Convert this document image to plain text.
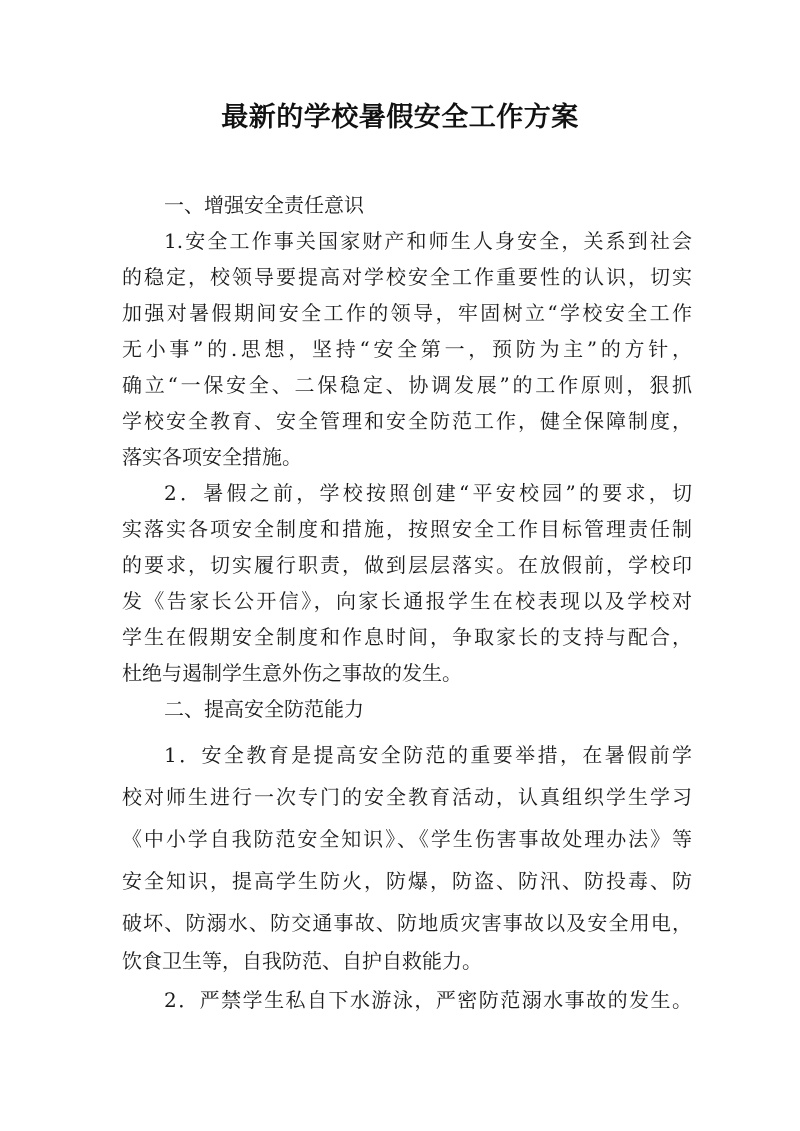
最新的学校暑假安全工作方案
一、增强安全责任意识
1.安全工作事关国家财产和师生人身安全，关系到社会
的稳定，校领导要提高对学校安全工作重要性的认识，切实
加强对暑假期间安全工作的领导，牢固树立“学校安全工作
无小事”的.思想，坚持“安全第一，预防为主”的方针，
确立“一保安全、二保稳定、协调发展”的工作原则，狠抓
学校安全教育、安全管理和安全防范工作，健全保障制度，
落实各项安全措施。
2．暑假之前，学校按照创建“平安校园”的要求，切
实落实各项安全制度和措施，按照安全工作目标管理责任制
的要求，切实履行职责，做到层层落实。在放假前，学校印
发《告家长公开信》，向家长通报学生在校表现以及学校对
学生在假期安全制度和作息时间，争取家长的支持与配合，
杜绝与遏制学生意外伤之事故的发生。
二、提高安全防范能力
1．安全教育是提高安全防范的重要举措，在暑假前学
校对师生进行一次专门的安全教育活动，认真组织学生学习
《中小学自我防范安全知识》、《学生伤害事故处理办法》等
安全知识，提高学生防火，防爆，防盗、防汛、防投毒、防
破坏、防溺水、防交通事故、防地质灾害事故以及安全用电，
饮食卫生等，自我防范、自护自救能力。
2．严禁学生私自下水游泳，严密防范溺水事故的发生。
